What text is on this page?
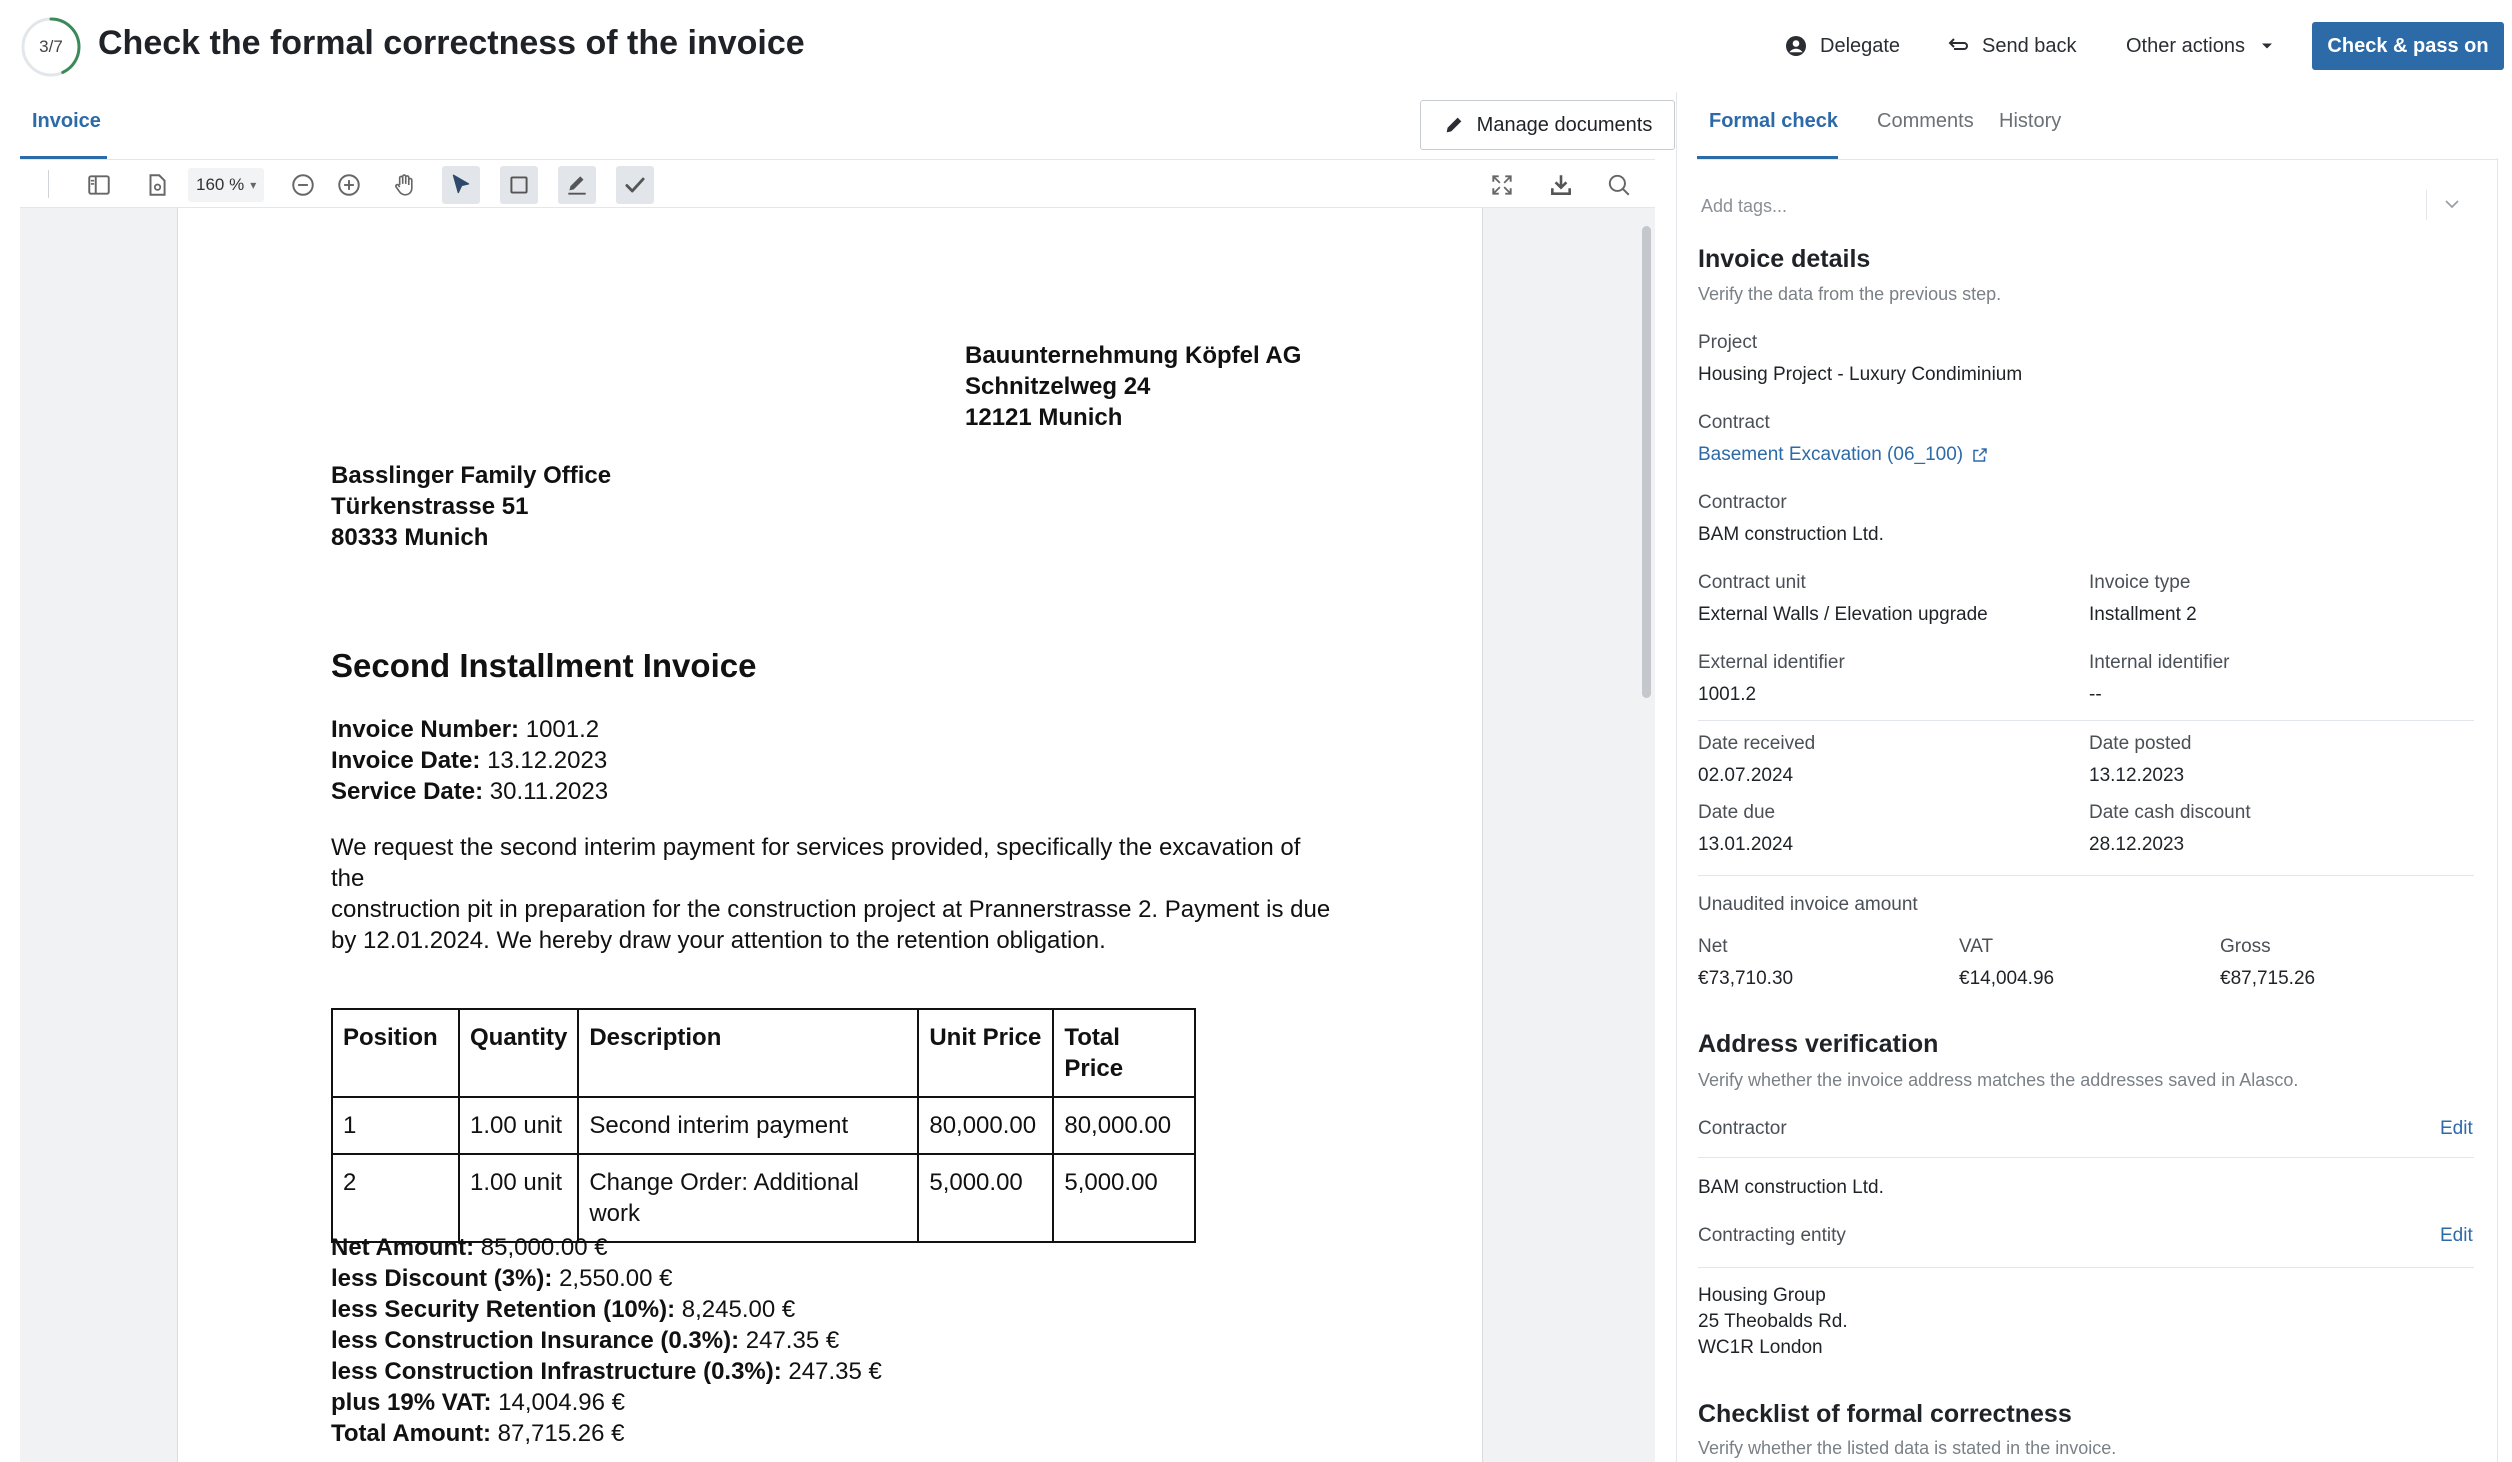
3/7	Check the formal correctness of the invoice	Delegate	Send back Other actions	Check & pass on
Invoice	Manage documents
160 % ▾
Bauunternehmung Köpfel AG
Schnitzelweg 24
12121 Munich
Basslinger Family Office
Türkenstrasse 51
80333 Munich
Second Installment Invoice
Invoice Number: 1001.2
Invoice Date: 13.12.2023
Service Date: 30.11.2023
We request the second interim payment for services provided, specifically the excavation of the
construction pit in preparation for the construction project at Prannerstrasse 2. Payment is due
by 12.01.2024. We hereby draw your attention to the retention obligation.
Position	Quantity	Description	Unit Price	Total Price
1	1.00 unit	Second interim payment	80,000.00	80,000.00
2	1.00 unit	Change Order: Additional work	5,000.00	5,000.00
Net Amount: 85,000.00 €
less Discount (3%): 2,550.00 €
less Security Retention (10%): 8,245.00 €
less Construction Insurance (0.3%): 247.35 €
less Construction Infrastructure (0.3%): 247.35 €
plus 19% VAT: 14,004.96 €
Total Amount: 87,715.26 €
Formal check Comments History
Add tags...
Invoice details
Verify the data from the previous step.
Project
Housing Project - Luxury Condiminium
Contract
Basement Excavation (06_100)
Contractor
BAM construction Ltd.
Contract unit
External Walls / Elevation upgrade
Invoice type
Installment 2
External identifier
1001.2
Internal identifier
--
Date received
02.07.2024
Date posted
13.12.2023
Date due
13.01.2024
Date cash discount
28.12.2023
Unaudited invoice amount
Net
€73,710.30
VAT
€14,004.96
Gross
€87,715.26
Address verification
Verify whether the invoice address matches the addresses saved in Alasco.
Contractor	Edit
BAM construction Ltd.
Contracting entity	Edit
Housing Group
25 Theobalds Rd.
WC1R London
Checklist of formal correctness
Verify whether the listed data is stated in the invoice.
